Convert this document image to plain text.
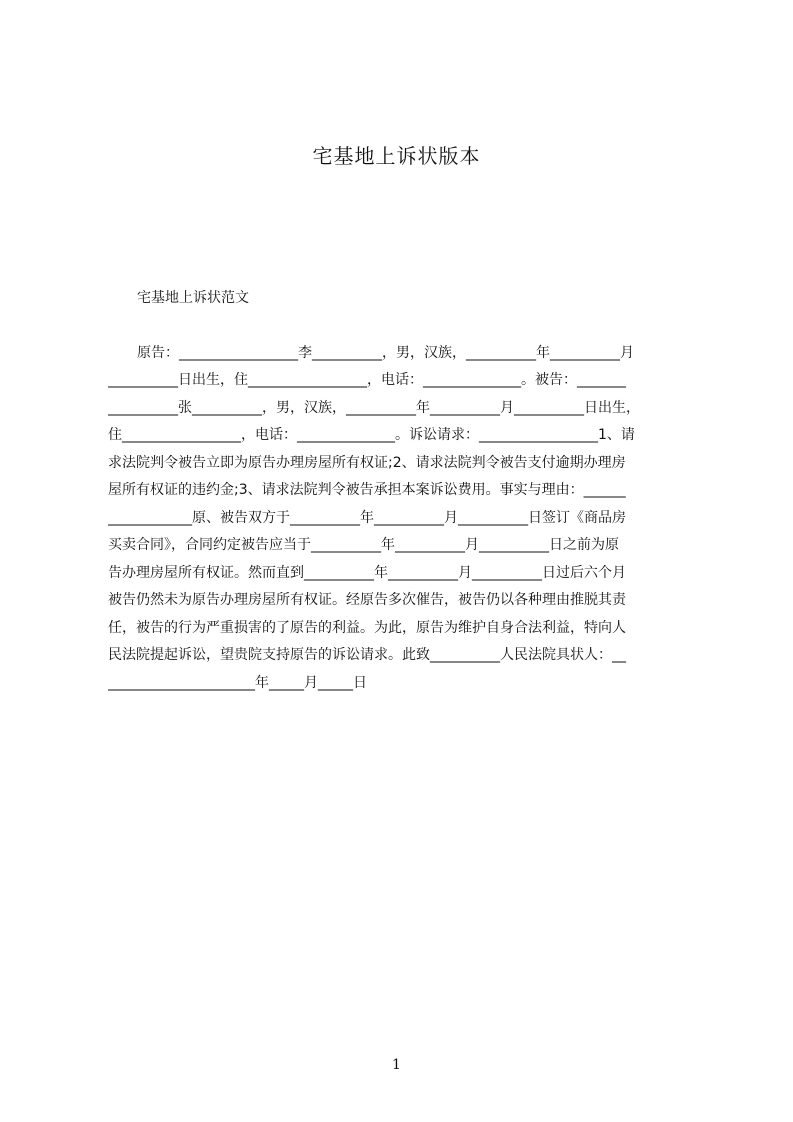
宅基地上诉状版本
宅基地上诉状范文
原告：_________________李__________，男，汉族，__________年__________月
__________日出生，住_________________，电话：______________。被告：_______
__________张__________，男，汉族，__________年__________月__________日出生，
住_________________，电话：______________。诉讼请求：_________________1、请
求法院判令被告立即为原告办理房屋所有权证;2、请求法院判令被告支付逾期办理房
屋所有权证的违约金;3、请求法院判令被告承担本案诉讼费用。事实与理由：______
____________原、被告双方于__________年__________月__________日签订《商品房
买卖合同》，合同约定被告应当于__________年__________月__________日之前为原
告办理房屋所有权证。然而直到__________年__________月__________日过后六个月
被告仍然未为原告办理房屋所有权证。经原告多次催告，被告仍以各种理由推脱其责
任，被告的行为严重损害的了原告的利益。为此，原告为维护自身合法利益，特向人
民法院提起诉讼，望贵院支持原告的诉讼请求。此致__________人民法院具状人：__
_____________________年_____月_____日
1
